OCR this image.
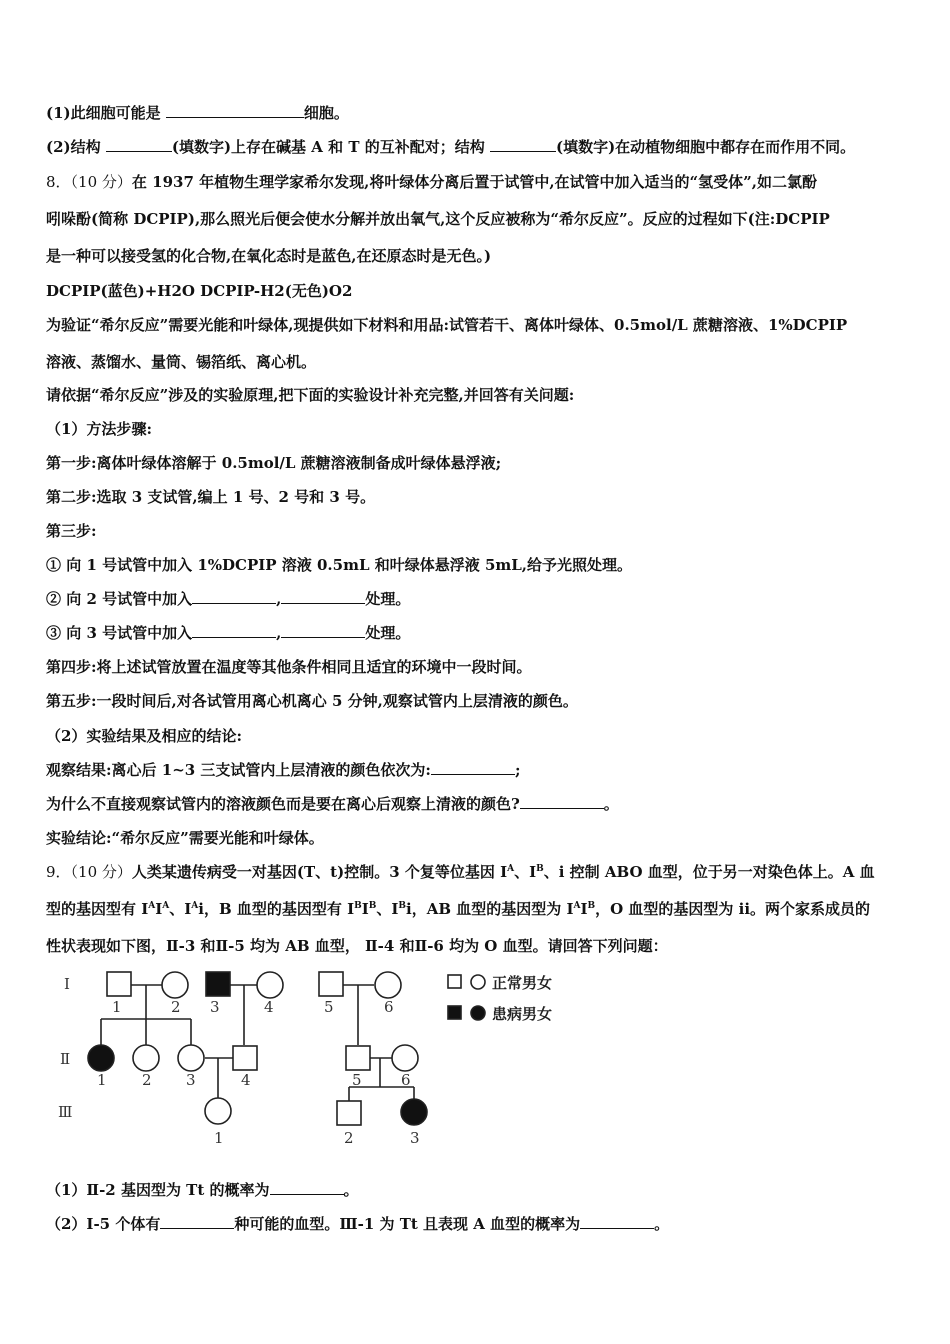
(1)此细胞可能是	细胞。
(2)结构	(填数字)上存在碱基 A 和 T 的互补配对；结构	(填数字)在动植物细胞中都存在而作用不同。
8．（10 分）在 1937 年植物生理学家希尔发现,将叶绿体分离后置于试管中,在试管中加入适当的“氢受体”,如二氯酚
吲哚酚(简称 DCPIP),那么照光后便会使水分解并放出氧气,这个反应被称为“希尔反应”。反应的过程如下(注:DCPIP
是一种可以接受氢的化合物,在氧化态时是蓝色,在还原态时是无色。)
DCPIP(蓝色)+H2O DCPIP-H2(无色)O2
为验证“希尔反应”需要光能和叶绿体,现提供如下材料和用品:试管若干、离体叶绿体、0.5mol/L 蔗糖溶液、1%DCPIP
溶液、蒸馏水、量筒、锡箔纸、离心机。
请依据“希尔反应”涉及的实验原理,把下面的实验设计补充完整,并回答有关问题:
（1）方法步骤:
第一步:离体叶绿体溶解于 0.5mol/L 蔗糖溶液制备成叶绿体悬浮液;
第二步:选取 3 支试管,编上 1 号、2 号和 3 号。
第三步:
① 向 1 号试管中加入 1%DCPIP 溶液 0.5mL 和叶绿体悬浮液 5mL,给予光照处理。
② 向 2 号试管中加入	,	处理。
③ 向 3 号试管中加入	,	处理。
第四步:将上述试管放置在温度等其他条件相同且适宜的环境中一段时间。
第五步:一段时间后,对各试管用离心机离心 5 分钟,观察试管内上层清液的颜色。
（2）实验结果及相应的结论:
观察结果:离心后 1~3 三支试管内上层清液的颜色依次为:	;
为什么不直接观察试管内的溶液颜色而是要在离心后观察上清液的颜色?	。
实验结论:“希尔反应”需要光能和叶绿体。
9．（10 分）人类某遗传病受一对基因(T、t)控制。3 个复等位基因 $I^A$、$I^B$、i 控制 ABO 血型，位于另一对染色体上。A 血
型的基因型有 $I^AI^A$、$I^Ai$，B 血型的基因型有 $I^BI^B$、$I^Bi$，AB 血型的基因型为 $I^AI^B$，O 血型的基因型为 ii。两个家系成员的
性状表现如下图，Ⅱ-3 和Ⅱ-5 均为 AB 血型， Ⅱ-4 和Ⅱ-6 均为 O 血型。请回答下列问题：
Ⅰ
Ⅱ
Ⅲ
1	2 3	4	5	6
1 2 3	4	5	6
1	2	3
正常男女
患病男女
（1）Ⅱ-2 基因型为 Tt 的概率为	。
（2）Ⅰ-5 个体有	种可能的血型。Ⅲ-1 为 Tt 且表现 A 血型的概率为	。
